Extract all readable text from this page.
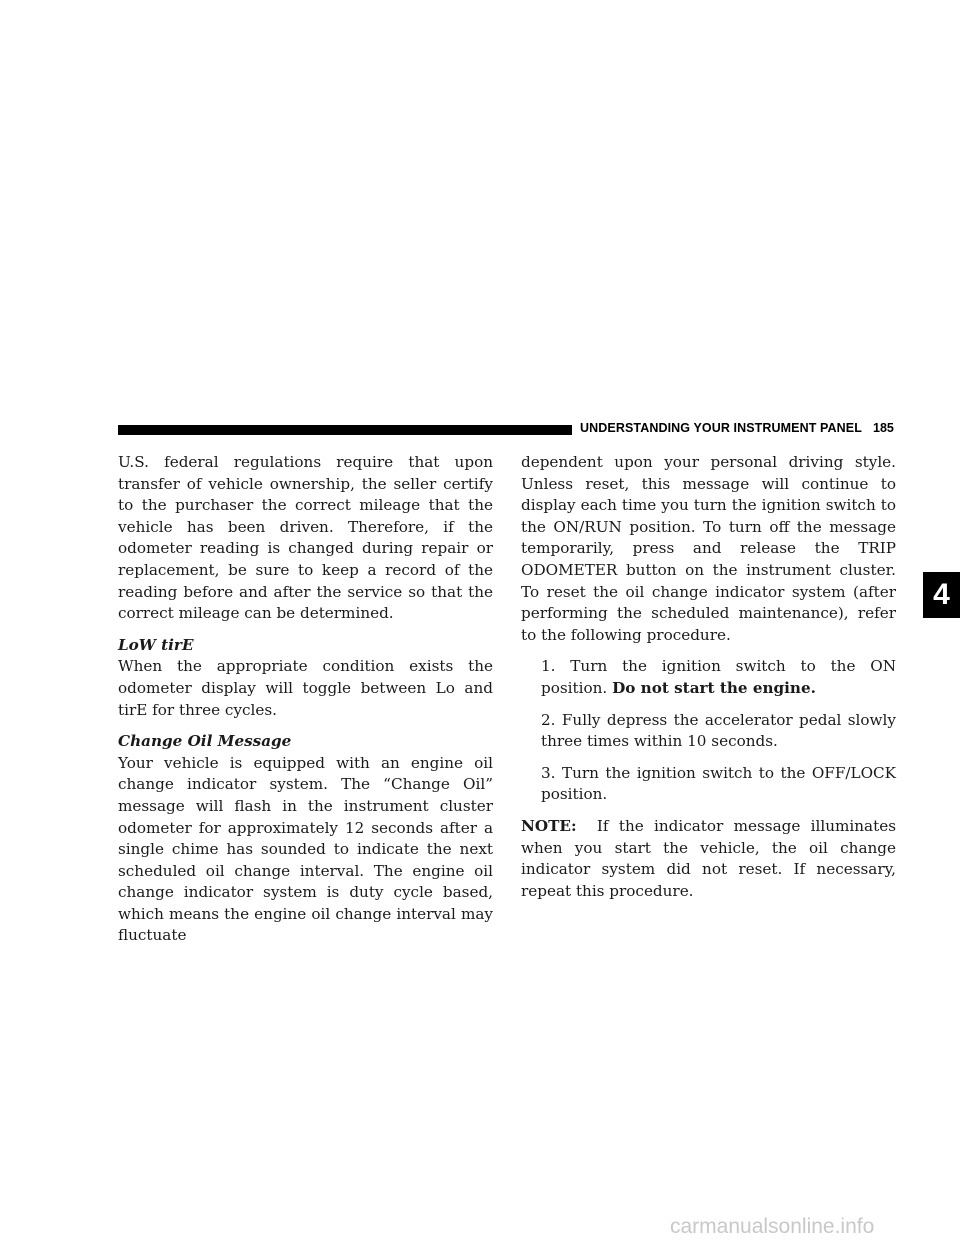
UNDERSTANDING YOUR INSTRUMENT PANEL 185
4

U.S. federal regulations require that upon transfer of vehicle ownership, the seller certify to the purchaser the correct mileage that the vehicle has been driven. Therefore, if the odometer reading is changed during repair or replacement, be sure to keep a record of the reading before and after the service so that the correct mileage can be determined.

LoW tirE

When the appropriate condition exists the odometer display will toggle between Lo and tirE for three cycles.

Change Oil Message

Your vehicle is equipped with an engine oil change indicator system. The “Change Oil” message will flash in the instrument cluster odometer for approximately 12 seconds after a single chime has sounded to indicate the next scheduled oil change interval. The engine oil change indicator system is duty cycle based, which means the engine oil change interval may fluctuate

dependent upon your personal driving style. Unless reset, this message will continue to display each time you turn the ignition switch to the ON/RUN position. To turn off the message temporarily, press and release the TRIP ODOMETER button on the instrument cluster. To reset the oil change indicator system (after performing the scheduled maintenance), refer to the following procedure.

1. Turn the ignition switch to the ON position. Do not start the engine.
2. Fully depress the accelerator pedal slowly three times within 10 seconds.
3. Turn the ignition switch to the OFF/LOCK position.

NOTE: If the indicator message illuminates when you start the vehicle, the oil change indicator system did not reset. If necessary, repeat this procedure.

carmanualsonline.info
